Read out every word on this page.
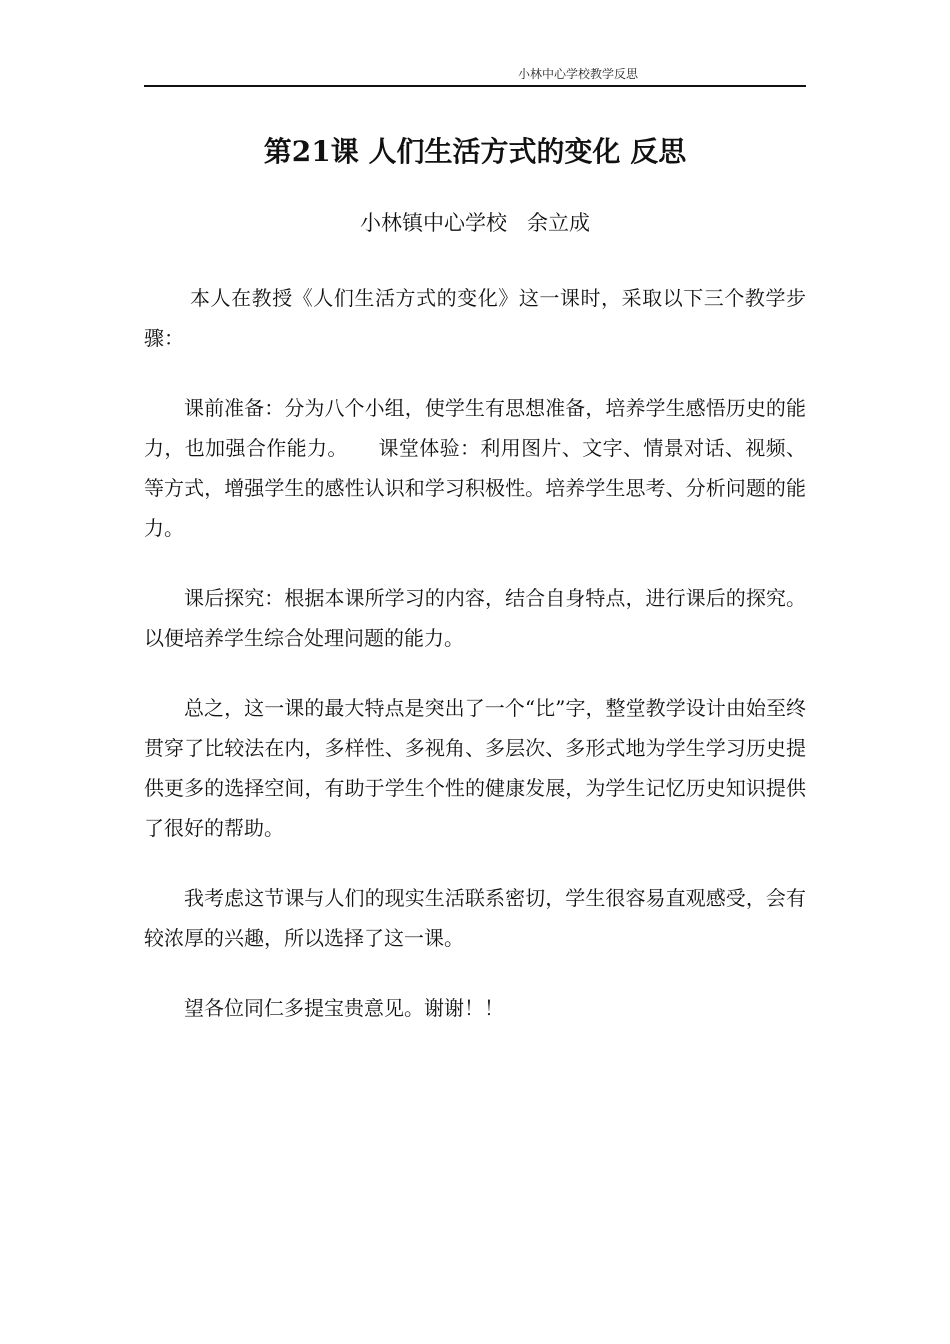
小林中心学校教学反思
第21课 人们生活方式的变化 反思
小林镇中心学校   余立成

本人在教授《人们生活方式的变化》这一课时，采取以下三个教学步骤：

课前准备：分为八个小组，使学生有思想准备，培养学生感悟历史的能力，也加强合作能力。　　课堂体验：利用图片、文字、情景对话、视频、等方式，增强学生的感性认识和学习积极性。培养学生思考、分析问题的能力。

课后探究：根据本课所学习的内容，结合自身特点，进行课后的探究。以便培养学生综合处理问题的能力。

总之，这一课的最大特点是突出了一个“比”字，整堂教学设计由始至终贯穿了比较法在内，多样性、多视角、多层次、多形式地为学生学习历史提供更多的选择空间，有助于学生个性的健康发展，为学生记忆历史知识提供了很好的帮助。

我考虑这节课与人们的现实生活联系密切，学生很容易直观感受，会有较浓厚的兴趣，所以选择了这一课。

望各位同仁多提宝贵意见。谢谢！！
